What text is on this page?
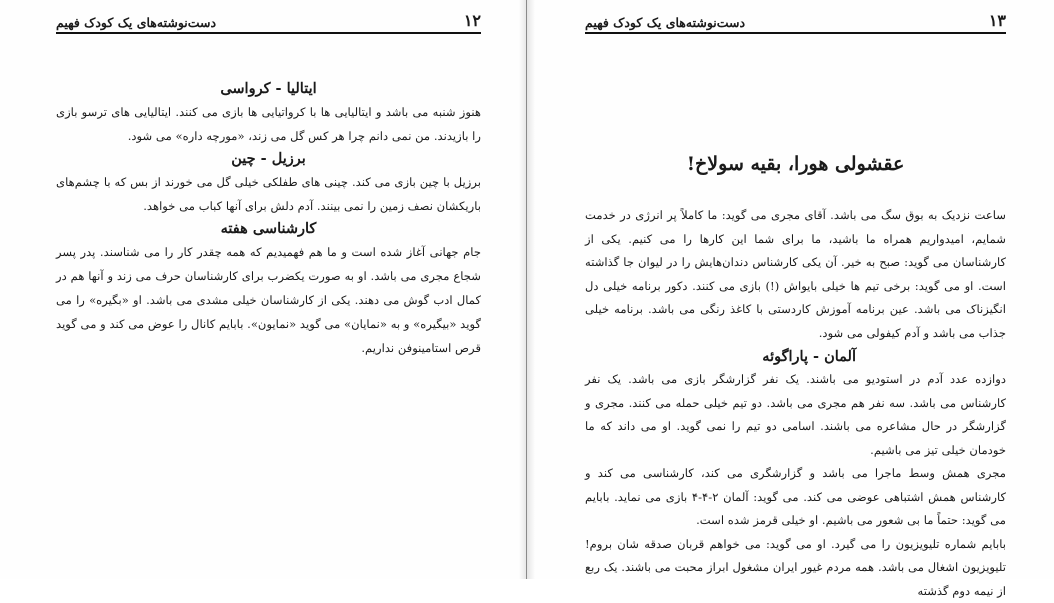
۱۲
دست‌نوشته‌های یک کودک فهیم
ایتالیا - کرواسی

هنوز شنبه می باشد و ایتالیایی ها با کرواتیایی ها بازی می کنند. ایتالیایی های ترسو بازی را بازیدند. من نمی دانم چرا هر کس گل می زند، «مورچه داره» می شود.

برزیل - چین

برزیل با چین بازی می کند. چینی های طفلکی خیلی گل می خورند از بس که با چشم‌های باریکشان نصف زمین را نمی بینند. آدم دلش برای آنها کباب می خواهد.

کارشناسی هفته

جام جهانی آغاز شده است و ما هم فهمیدیم که همه چقدر کار را می شناسند. پدر پسر شجاع مجری می باشد. او به صورت یکضرب برای کارشناسان حرف می زند و آنها هم در کمال ادب گوش می دهند. یکی از کارشناسان خیلی مشدی می باشد. او «بگیره» را می گوید «بیگیره» و به «نمایان» می گوید «نمایون». بابایم کانال را عوض می کند و می گوید قرص استامینوفن نداریم.

۱۳
دست‌نوشته‌های یک کودک فهیم
عقشولی هورا، بقیه سولاخ!

ساعت نزدیک به بوق سگ می باشد. آقای مجری می گوید: ما کاملاً پر انرژی در خدمت شمایم، امیدواریم همراه ما باشید، ما برای شما این کارها را می کنیم. یکی از کارشناسان می گوید: صبح به خیر. آن یکی کارشناس دندان‌هایش را در لیوان جا گذاشته است. او می گوید: برخی تیم ها خیلی بایواش (!) بازی می کنند. دکور برنامه خیلی دل انگیزناک می باشد. عین برنامه آموزش کاردستی با کاغذ رنگی می باشد. برنامه خیلی جذاب می باشد و آدم کیفولی می شود.

آلمان - پاراگوئه

دوازده عدد آدم در استودیو می باشند. یک نفر گزارشگر بازی می باشد. یک نفر کارشناس می باشد. سه نفر هم مجری می باشد. دو تیم خیلی حمله می کنند. مجری و گزارشگر در حال مشاعره می باشند. اسامی دو تیم را نمی گوید. او می داند که ما خودمان خیلی تیز می باشیم.

مجری همش وسط ماجرا می باشد و گزارشگری می کند، کارشناسی می کند و کارشناس همش اشتباهی عوضی می کند. می گوید: آلمان ۲-۴-۴ بازی می نماید. بابایم می گوید: حتماً ما بی شعور می باشیم. او خیلی قرمز شده است.

بابایم شماره تلیویزیون را می گیرد. او می گوید: می خواهم قربان صدقه شان بروم! تلیویزیون اشغال می باشد. همه مردم غیور ایران مشغول ابراز محبت می باشند. یک ربع از نیمه دوم گذشته
